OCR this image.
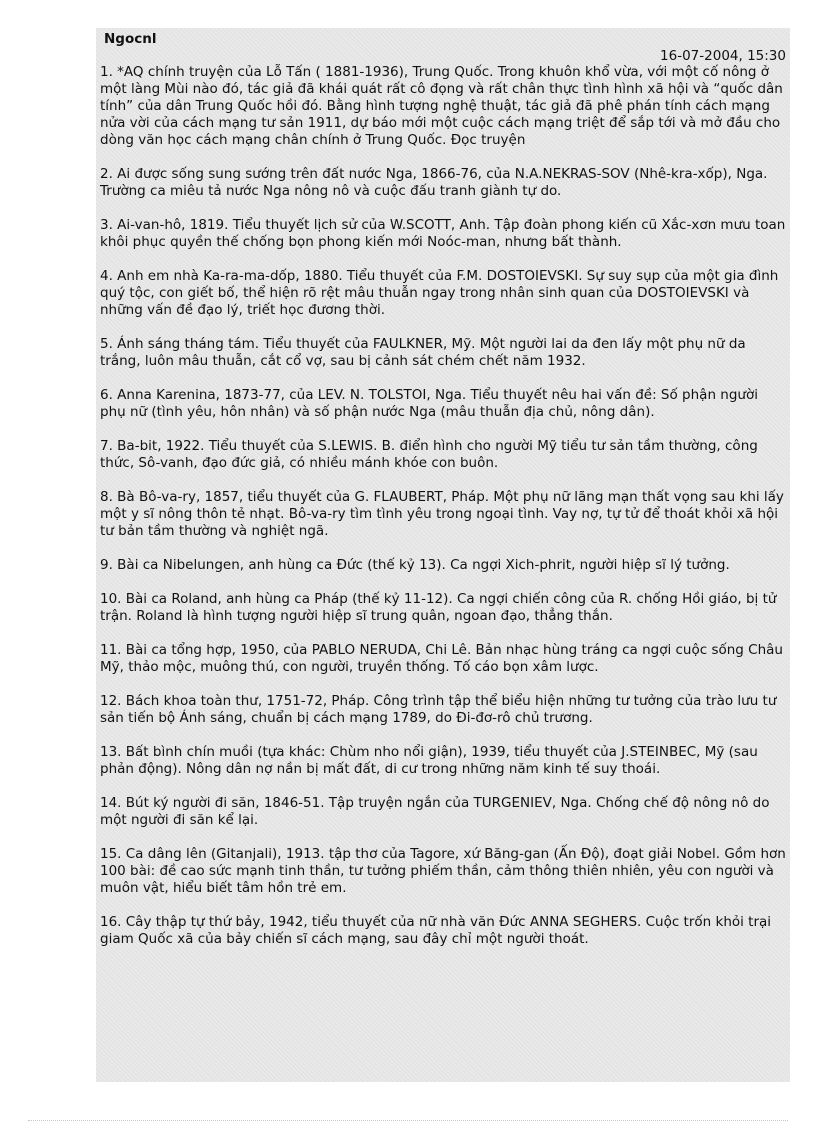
Ngocnl
16-07-2004, 15:30

1. *AQ chính truyện của Lỗ Tấn ( 1881-1936), Trung Quốc. Trong khuôn khổ vừa, với một cố nông ở một làng Mùi nào đó, tác giả đã khái quát rất cô đọng và rất chân thực tình hình xã hội và “quốc dân tính” của dân Trung Quốc hồi đó. Bằng hình tượng nghệ thuật, tác giả đã phê phán tính cách mạng nửa vời của cách mạng tư sản 1911, dự báo mới một cuộc cách mạng triệt để sắp tới và mở đầu cho dòng văn học cách mạng chân chính ở Trung Quốc. Đọc truyện

2. Ai được sống sung sướng trên đất nước Nga, 1866-76, của N.A.NEKRAS-SOV (Nhê-kra-xốp), Nga. Trường ca miêu tả nước Nga nông nô và cuộc đấu tranh giành tự do.

3. Ai-van-hô, 1819. Tiểu thuyết lịch sử của W.SCOTT, Anh. Tập đoàn phong kiến cũ Xắc-xơn mưu toan khôi phục quyền thế chống bọn phong kiến mới Noóc-man, nhưng bất thành.

4. Anh em nhà Ka-ra-ma-dốp, 1880. Tiểu thuyết của F.M. DOSTOIEVSKI. Sự suy sụp của một gia đình quý tộc, con giết bố, thể hiện rõ rệt mâu thuẫn ngay trong nhân sinh quan của DOSTOIEVSKI và những vấn đề đạo lý, triết học đương thời.

5. Ánh sáng tháng tám. Tiểu thuyết của FAULKNER, Mỹ. Một người lai da đen lấy một phụ nữ da trắng, luôn mâu thuẫn, cắt cổ vợ, sau bị cảnh sát chém chết năm 1932.

6. Anna Karenina, 1873-77, của LEV. N. TOLSTOI, Nga. Tiểu thuyết nêu hai vấn đề: Số phận người phụ nữ (tình yêu, hôn nhân) và số phận nước Nga (mâu thuẫn địa chủ, nông dân).

7. Ba-bit, 1922. Tiểu thuyết của S.LEWIS. B. điển hình cho người Mỹ tiểu tư sản tầm thường, công thức, Sô-vanh, đạo đức giả, có nhiều mánh khóe con buôn.

8. Bà Bô-va-ry, 1857, tiểu thuyết của G. FLAUBERT, Pháp. Một phụ nữ lãng mạn thất vọng sau khi lấy một y sĩ nông thôn tẻ nhạt. Bô-va-ry tìm tình yêu trong ngoại tình. Vay nợ, tự tử để thoát khỏi xã hội tư bản tầm thường và nghiệt ngã.

9. Bài ca Nibelungen, anh hùng ca Đức (thế kỷ 13). Ca ngợi Xich-phrit, người hiệp sĩ lý tưởng.

10. Bài ca Roland, anh hùng ca Pháp (thế kỷ 11-12). Ca ngợi chiến công của R. chống Hồi giáo, bị tử trận. Roland là hình tượng người hiệp sĩ trung quân, ngoan đạo, thẳng thắn.

11. Bài ca tổng hợp, 1950, của PABLO NERUDA, Chi Lê. Bản nhạc hùng tráng ca ngợi cuộc sống Châu Mỹ, thảo mộc, muông thú, con người, truyền thống. Tố cáo bọn xâm lược.

12. Bách khoa toàn thư, 1751-72, Pháp. Công trình tập thể biểu hiện những tư tưởng của trào lưu tư sản tiến bộ Ánh sáng, chuẩn bị cách mạng 1789, do Đi-đơ-rô chủ trương.

13. Bất bình chín muồi (tựa khác: Chùm nho nổi giận), 1939, tiểu thuyết của J.STEINBEC, Mỹ (sau phản động). Nông dân nợ nần bị mất đất, di cư trong những năm kinh tế suy thoái.

14. Bút ký người đi săn, 1846-51. Tập truyện ngắn của TURGENIEV, Nga. Chống chế độ nông nô do một người đi săn kể lại.

15. Ca dâng lên (Gitanjali), 1913. tập thơ của Tagore, xứ Băng-gan (Ấn Độ), đoạt giải Nobel. Gồm hơn 100 bài: đề cao sức mạnh tinh thần, tư tưởng phiếm thần, cảm thông thiên nhiên, yêu con người và muôn vật, hiểu biết tâm hồn trẻ em.

16. Cây thập tự thứ bảy, 1942, tiểu thuyết của nữ nhà văn Đức ANNA SEGHERS. Cuộc trốn khỏi trại giam Quốc xã của bảy chiến sĩ cách mạng, sau đây chỉ một người thoát.
